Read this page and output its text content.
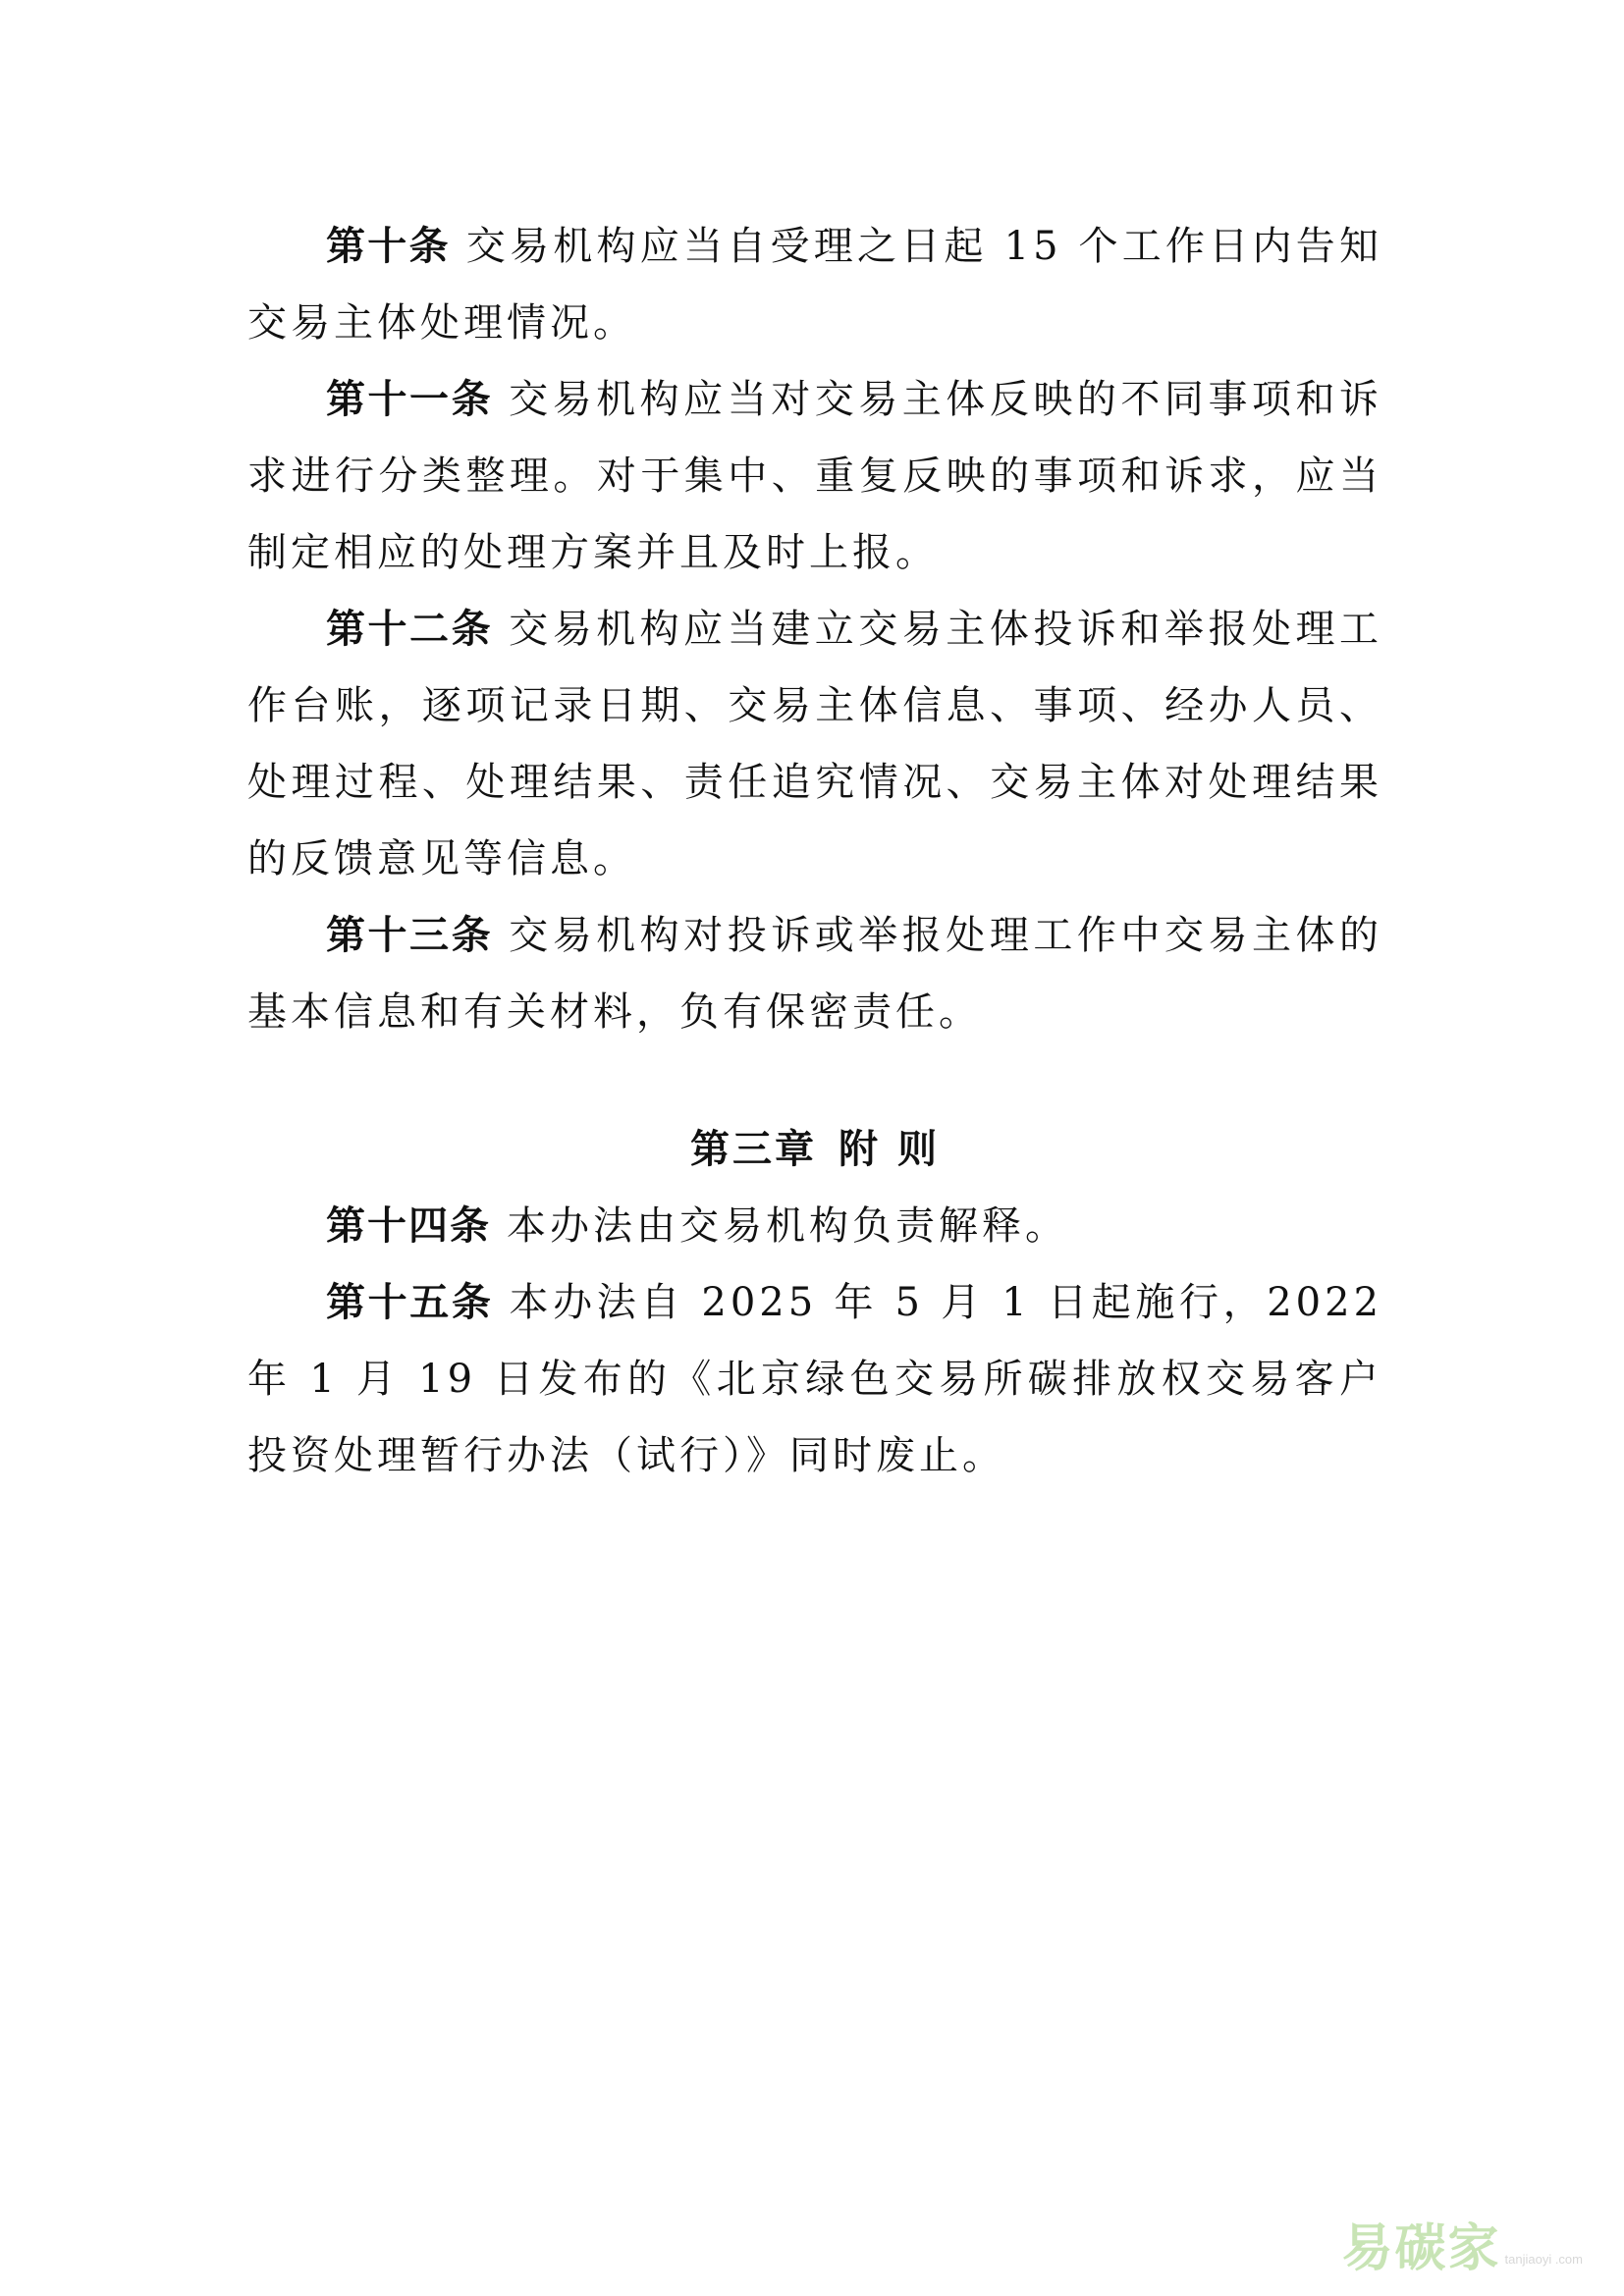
第十条 交易机构应当自受理之日起 15 个工作日内告知交易主体处理情况。

第十一条 交易机构应当对交易主体反映的不同事项和诉求进行分类整理。对于集中、重复反映的事项和诉求，应当制定相应的处理方案并且及时上报。

第十二条 交易机构应当建立交易主体投诉和举报处理工作台账，逐项记录日期、交易主体信息、事项、经办人员、处理过程、处理结果、责任追究情况、交易主体对处理结果的反馈意见等信息。

第十三条 交易机构对投诉或举报处理工作中交易主体的基本信息和有关材料，负有保密责任。

第三章 附 则

第十四条 本办法由交易机构负责解释。

第十五条 本办法自 2025 年 5 月 1 日起施行，2022 年 1 月 19 日发布的《北京绿色交易所碳排放权交易客户投资处理暂行办法（试行）》同时废止。

易碳家 tanjiaoyi .com
